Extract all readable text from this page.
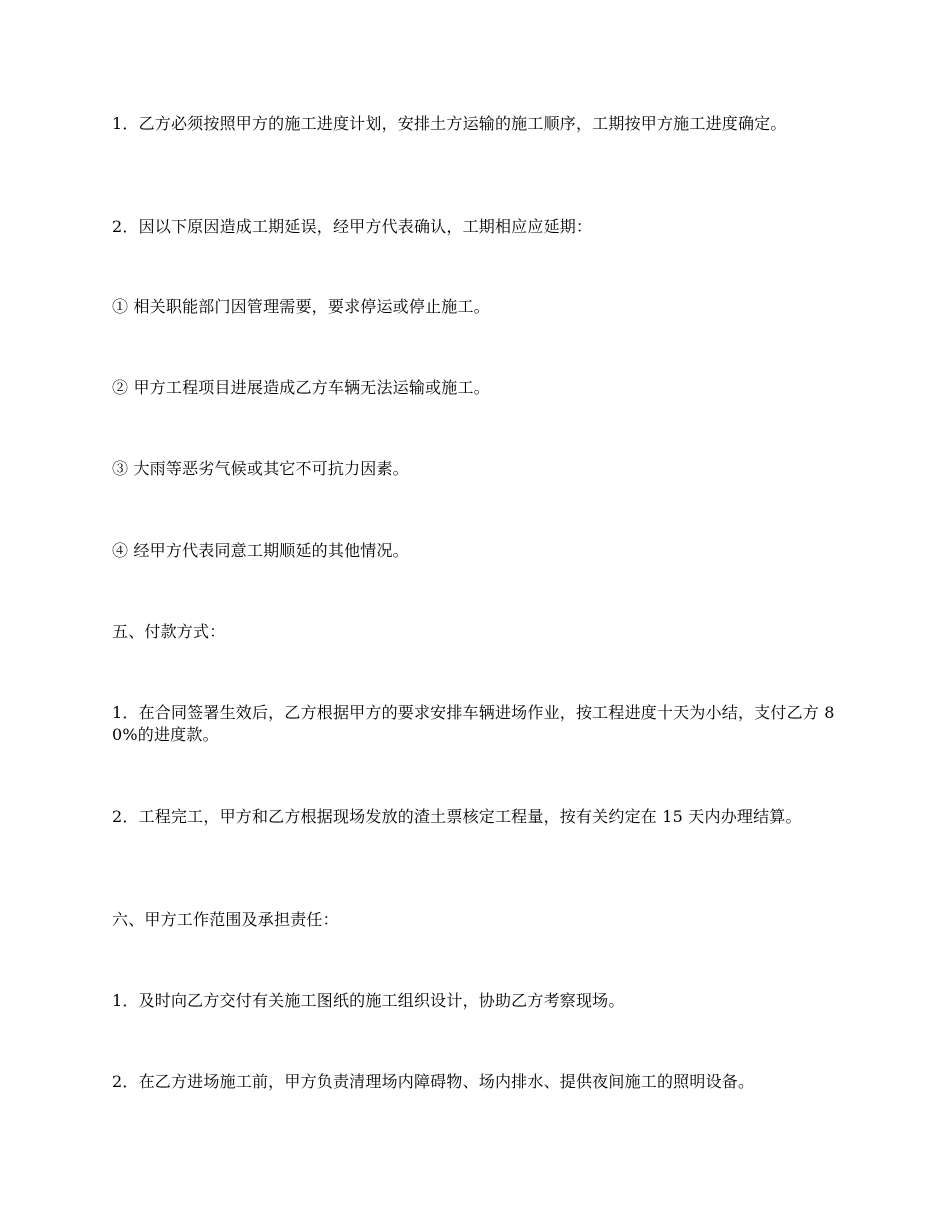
1．乙方必须按照甲方的施工进度计划，安排土方运输的施工顺序，工期按甲方施工进度确定。

2．因以下原因造成工期延误，经甲方代表确认，工期相应应延期：

① 相关职能部门因管理需要，要求停运或停止施工。

② 甲方工程项目进展造成乙方车辆无法运输或施工。

③ 大雨等恶劣气候或其它不可抗力因素。

④ 经甲方代表同意工期顺延的其他情况。

五、付款方式：

1．在合同签署生效后，乙方根据甲方的要求安排车辆进场作业，按工程进度十天为小结，支付乙方 80%的进度款。

2．工程完工，甲方和乙方根据现场发放的渣土票核定工程量，按有关约定在 15 天内办理结算。

六、甲方工作范围及承担责任：

1．及时向乙方交付有关施工图纸的施工组织设计，协助乙方考察现场。

2．在乙方进场施工前，甲方负责清理场内障碍物、场内排水、提供夜间施工的照明设备。
